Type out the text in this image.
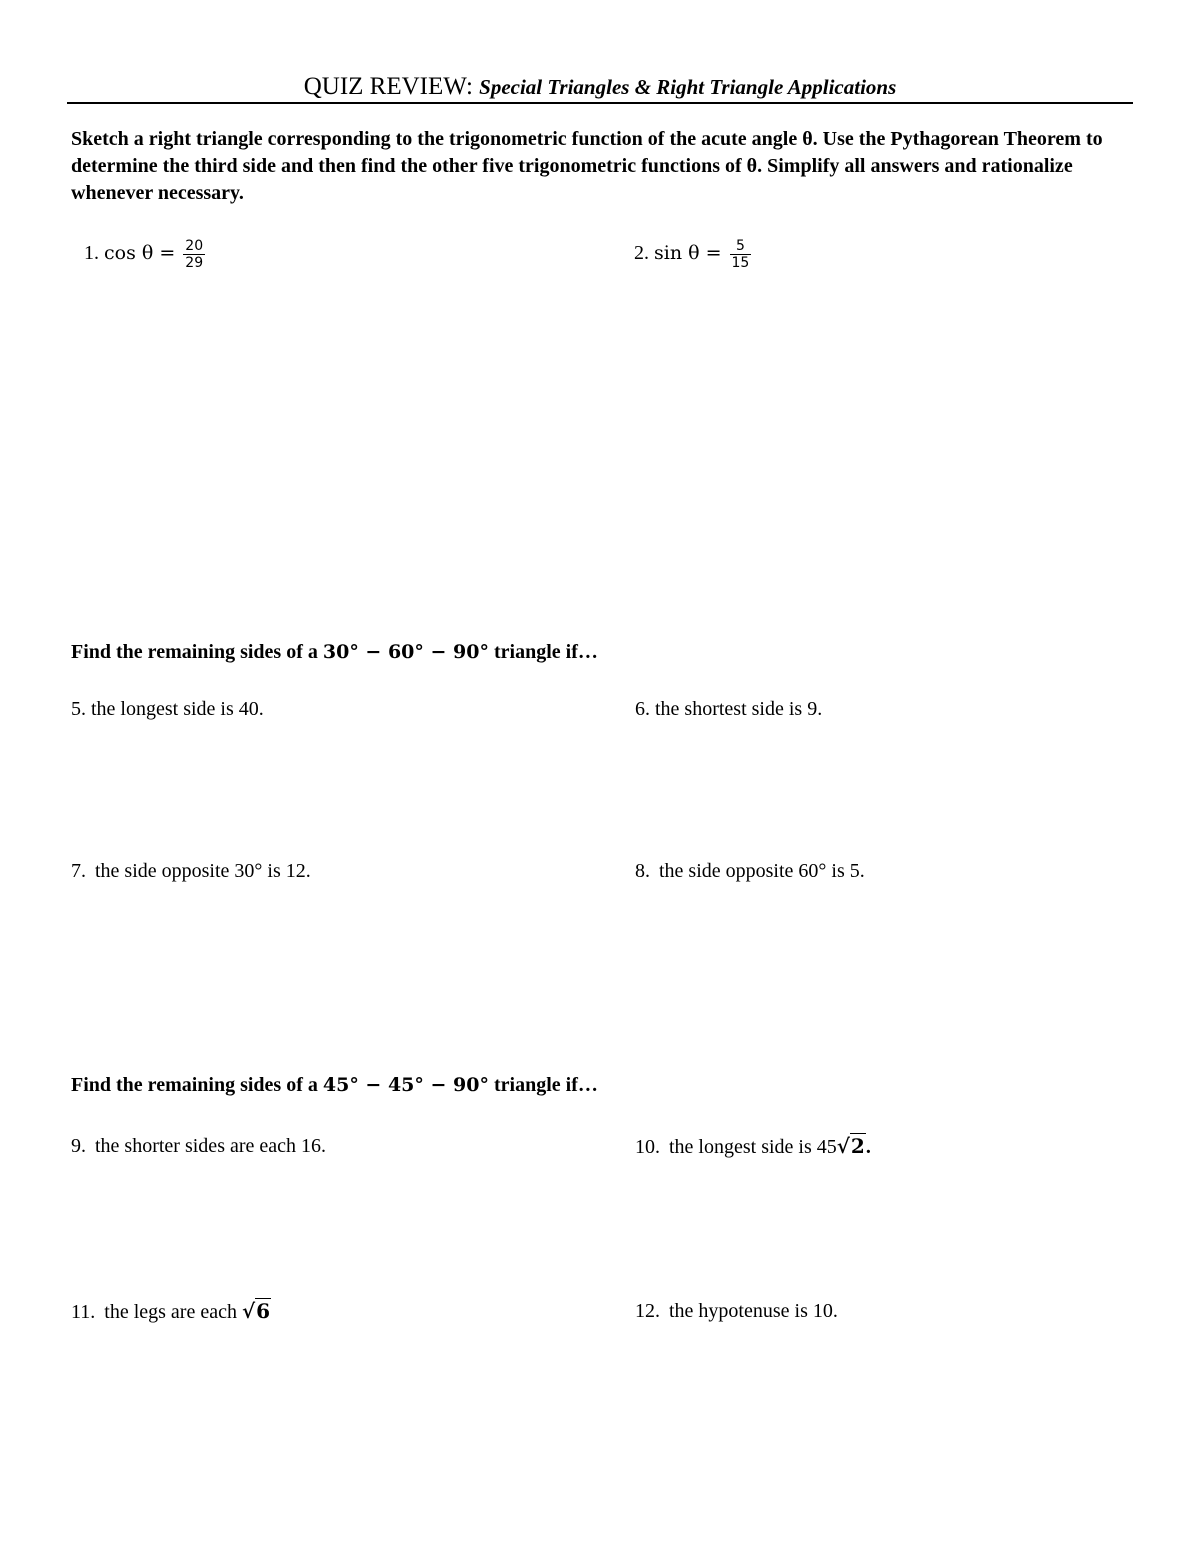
QUIZ REVIEW: Special Triangles & Right Triangle Applications
Sketch a right triangle corresponding to the trigonometric function of the acute angle θ. Use the Pythagorean Theorem to determine the third side and then find the other five trigonometric functions of θ. Simplify all answers and rationalize whenever necessary.
1. $\cos \theta = \frac{20}{29}$	2. $\sin \theta = \frac{5}{15}$
Find the remaining sides of a 30° − 60° − 90° triangle if…
5. the longest side is 40.	6. the shortest side is 9.
7. the side opposite 30° is 12.	8. the side opposite 60° is 5.
Find the remaining sides of a 45° − 45° − 90° triangle if…
9. the shorter sides are each 16.	10. the longest side is 45√2.
11. the legs are each √6	12. the hypotenuse is 10.
